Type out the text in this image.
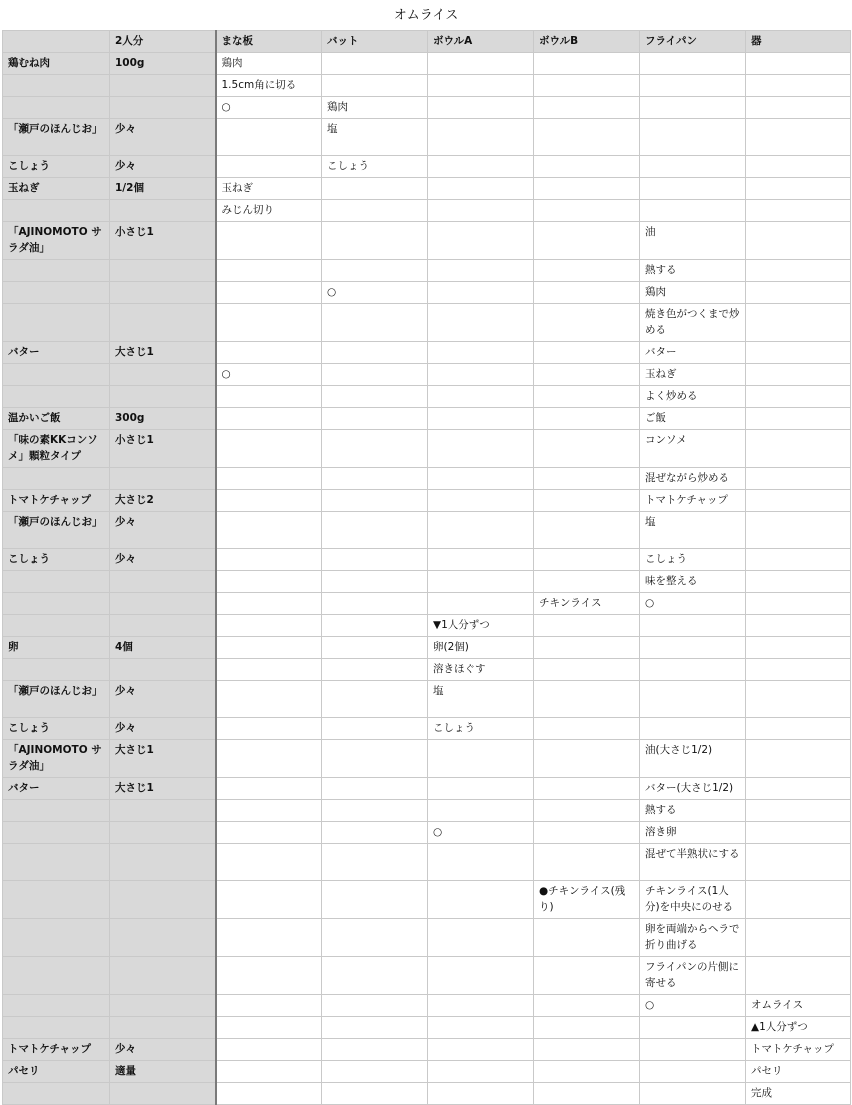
オムライス
	2人分	まな板	バット	ボウルA	ボウルB	フライパン	器
鶏むね肉	100g	鶏肉					
		1.5cm角に切る					
		○	鶏肉				
「瀬戸のほんじお」	少々		塩				
こしょう	少々		こしょう				
玉ねぎ	1/2個	玉ねぎ					
		みじん切り					
「AJINOMOTO サラダ油」	小さじ1					油	
						熱する	
			○			鶏肉	
						焼き色がつくまで炒める	
バター	大さじ1					バター	
		○				玉ねぎ	
						よく炒める	
温かいご飯	300g					ご飯	
「味の素KKコンソメ」顆粒タイプ	小さじ1					コンソメ	
						混ぜながら炒める	
トマトケチャップ	大さじ2					トマトケチャップ	
「瀬戸のほんじお」	少々					塩	
こしょう	少々					こしょう	
						味を整える	
					チキンライス	○	
				▼1人分ずつ			
卵	4個			卵(2個)			
				溶きほぐす			
「瀬戸のほんじお」	少々			塩			
こしょう	少々			こしょう			
「AJINOMOTO サラダ油」	大さじ1					油(大さじ1/2)	
バター	大さじ1					バター(大さじ1/2)	
						熱する	
				○		溶き卵	
						混ぜて半熟状にする	
					●チキンライス(残り)	チキンライス(1人分)を中央にのせる	
						卵を両端からヘラで折り曲げる	
						フライパンの片側に寄せる	
						○	オムライス
							▲1人分ずつ
トマトケチャップ	少々						トマトケチャップ
パセリ	適量						パセリ
							完成
